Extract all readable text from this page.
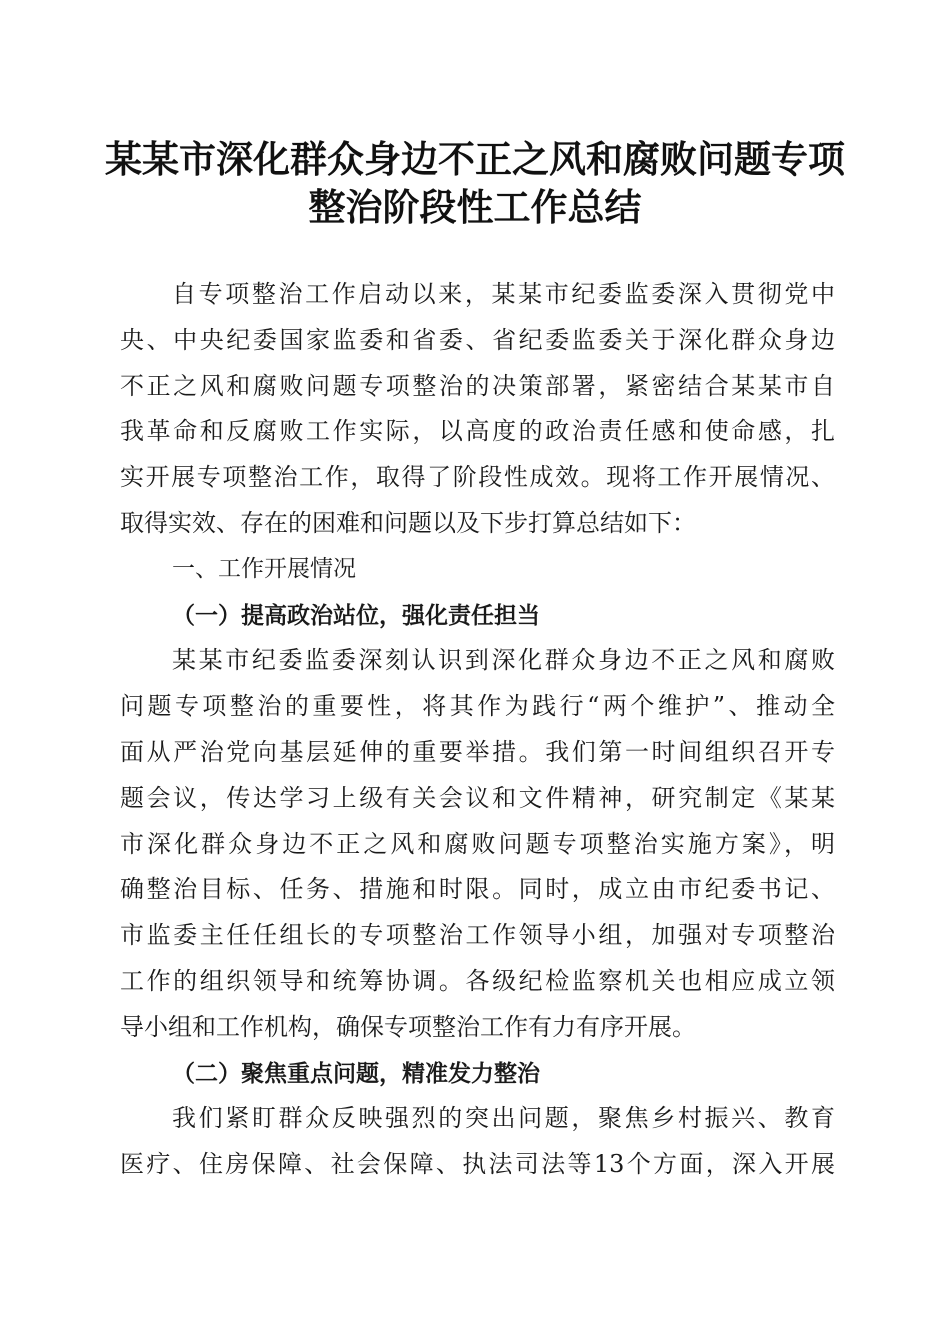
某某市深化群众身边不正之风和腐败问题专项
整治阶段性工作总结
自专项整治工作启动以来，某某市纪委监委深入贯彻党中
央、中央纪委国家监委和省委、省纪委监委关于深化群众身边
不正之风和腐败问题专项整治的决策部署，紧密结合某某市自
我革命和反腐败工作实际，以高度的政治责任感和使命感，扎
实开展专项整治工作，取得了阶段性成效。现将工作开展情况、
取得实效、存在的困难和问题以及下步打算总结如下：
一、工作开展情况
（一）提高政治站位，强化责任担当
某某市纪委监委深刻认识到深化群众身边不正之风和腐败
问题专项整治的重要性，将其作为践行“两个维护”、推动全
面从严治党向基层延伸的重要举措。我们第一时间组织召开专
题会议，传达学习上级有关会议和文件精神，研究制定《某某
市深化群众身边不正之风和腐败问题专项整治实施方案》，明
确整治目标、任务、措施和时限。同时，成立由市纪委书记、
市监委主任任组长的专项整治工作领导小组，加强对专项整治
工作的组织领导和统筹协调。各级纪检监察机关也相应成立领
导小组和工作机构，确保专项整治工作有力有序开展。
（二）聚焦重点问题，精准发力整治
我们紧盯群众反映强烈的突出问题，聚焦乡村振兴、教育
医疗、住房保障、社会保障、执法司法等13个方面，深入开展
